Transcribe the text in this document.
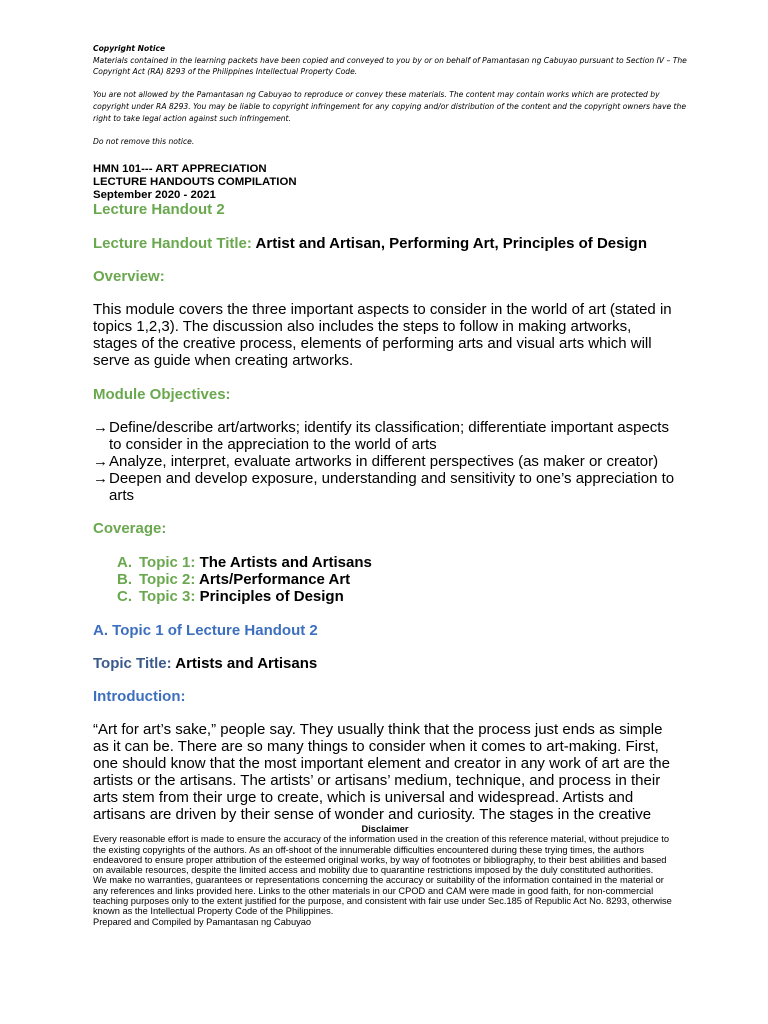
Copyright Notice

Materials contained in the learning packets have been copied and conveyed to you by or on behalf of Pamantasan ng Cabuyao pursuant to Section IV – The Copyright Act (RA) 8293 of the Philippines Intellectual Property Code.

You are not allowed by the Pamantasan ng Cabuyao to reproduce or convey these materials. The content may contain works which are protected by copyright under RA 8293. You may be liable to copyright infringement for any copying and/or distribution of the content and the copyright owners have the right to take legal action against such infringement.

Do not remove this notice.

HMN 101--- ART APPRECIATION
LECTURE HANDOUTS COMPILATION
September 2020 - 2021
Lecture Handout 2
Lecture Handout Title: Artist and Artisan, Performing Art, Principles of Design
Overview:

This module covers the three important aspects to consider in the world of art (stated in topics 1,2,3). The discussion also includes the steps to follow in making artworks, stages of the creative process, elements of performing arts and visual arts which will serve as guide when creating artworks.

Module Objectives:
→Define/describe art/artworks; identify its classification; differentiate important aspects to consider in the appreciation to the world of arts
→Analyze, interpret, evaluate artworks in different perspectives (as maker or creator)
→Deepen and develop exposure, understanding and sensitivity to one’s appreciation to arts
Coverage:
A. Topic 1: The Artists and Artisans
B. Topic 2: Arts/Performance Art
C. Topic 3: Principles of Design
A. Topic 1 of Lecture Handout 2
Topic Title: Artists and Artisans
Introduction:

“Art for art’s sake,” people say. They usually think that the process just ends as simple as it can be. There are so many things to consider when it comes to art-making. First, one should know that the most important element and creator in any work of art are the artists or the artisans. The artists’ or artisans’ medium, technique, and process in their arts stem from their urge to create, which is universal and widespread. Artists and artisans are driven by their sense of wonder and curiosity. The stages in the creative

Disclaimer

Every reasonable effort is made to ensure the accuracy of the information used in the creation of this reference material, without prejudice to the existing copyrights of the authors. As an off-shoot of the innumerable difficulties encountered during these trying times, the authors endeavored to ensure proper attribution of the esteemed original works, by way of footnotes or bibliography, to their best abilities and based on available resources, despite the limited access and mobility due to quarantine restrictions imposed by the duly constituted authorities.

We make no warranties, guarantees or representations concerning the accuracy or suitability of the information contained in the material or any references and links provided here. Links to the other materials in our CPOD and CAM were made in good faith, for non-commercial teaching purposes only to the extent justified for the purpose, and consistent with fair use under Sec.185 of Republic Act No. 8293, otherwise known as the Intellectual Property Code of the Philippines.

Prepared and Compiled by Pamantasan ng Cabuyao
